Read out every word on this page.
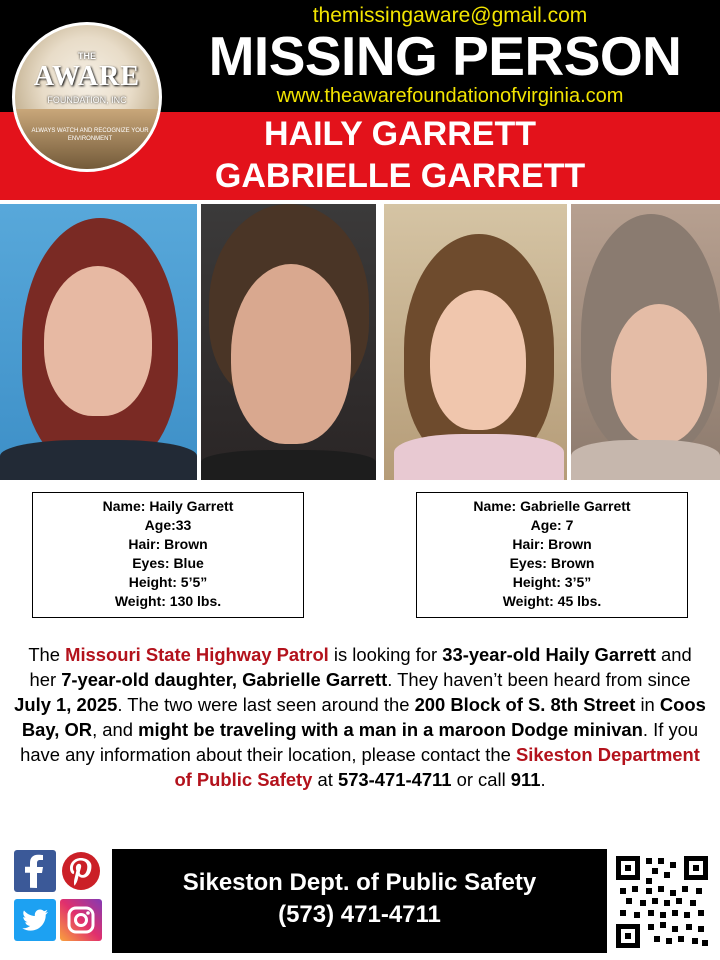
THE
AWARE
FOUNDATION, INC
ALWAYS WATCH AND RECOGNIZE YOUR ENVIRONMENT
themissingaware@gmail.com
MISSING PERSON
www.theawarefoundationofvirginia.com
HAILY GARRETT
GABRIELLE GARRETT
Name: Haily Garrett
Age:33
Hair: Brown
Eyes: Blue
Height: 5’5”
Weight: 130 lbs.
Name: Gabrielle Garrett
Age: 7
Hair: Brown
Eyes: Brown
Height: 3’5”
Weight: 45 lbs.
The Missouri State Highway Patrol is looking for 33-year-old Haily Garrett and her 7-year-old daughter, Gabrielle Garrett. They haven’t been heard from since July 1, 2025. The two were last seen around the 200 Block of S. 8th Street in Coos Bay, OR, and might be traveling with a man in a maroon Dodge minivan. If you have any information about their location, please contact the Sikeston Department of Public Safety at 573-471-4711 or call 911.
Sikeston Dept. of Public Safety
(573) 471-4711
